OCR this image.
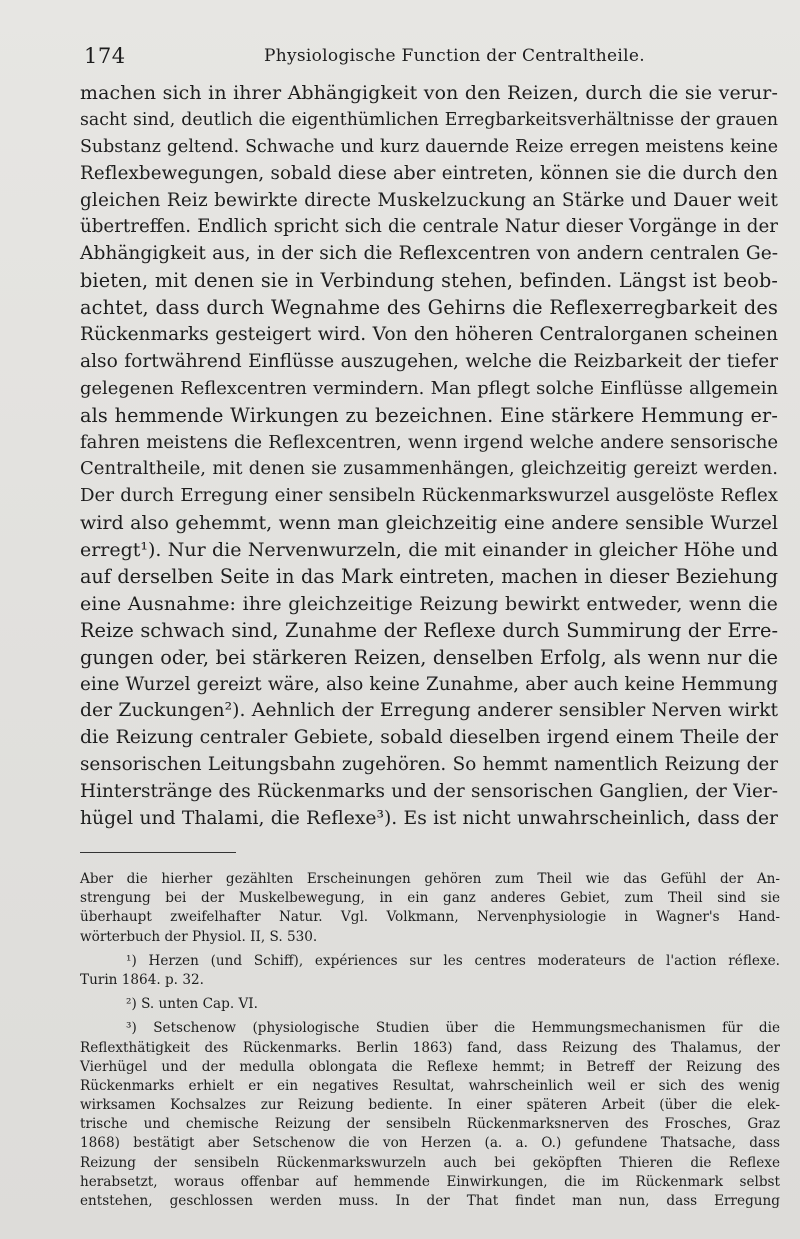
174	Physiologische Function der Centraltheile.
machen sich in ihrer Abhängigkeit von den Reizen, durch die sie verur-
sacht sind, deutlich die eigenthümlichen Erregbarkeitsverhältnisse der grauen
Substanz geltend. Schwache und kurz dauernde Reize erregen meistens keine
Reflexbewegungen, sobald diese aber eintreten, können sie die durch den
gleichen Reiz bewirkte directe Muskelzuckung an Stärke und Dauer weit
übertreffen. Endlich spricht sich die centrale Natur dieser Vorgänge in der
Abhängigkeit aus, in der sich die Reflexcentren von andern centralen Ge-
bieten, mit denen sie in Verbindung stehen, befinden. Längst ist beob-
achtet, dass durch Wegnahme des Gehirns die Reflexerregbarkeit des
Rückenmarks gesteigert wird. Von den höheren Centralorganen scheinen
also fortwährend Einflüsse auszugehen, welche die Reizbarkeit der tiefer
gelegenen Reflexcentren vermindern. Man pflegt solche Einflüsse allgemein
als hemmende Wirkungen zu bezeichnen. Eine stärkere Hemmung er-
fahren meistens die Reflexcentren, wenn irgend welche andere sensorische
Centraltheile, mit denen sie zusammenhängen, gleichzeitig gereizt werden.
Der durch Erregung einer sensibeln Rückenmarkswurzel ausgelöste Reflex
wird also gehemmt, wenn man gleichzeitig eine andere sensible Wurzel
erregt¹). Nur die Nervenwurzeln, die mit einander in gleicher Höhe und
auf derselben Seite in das Mark eintreten, machen in dieser Beziehung
eine Ausnahme: ihre gleichzeitige Reizung bewirkt entweder, wenn die
Reize schwach sind, Zunahme der Reflexe durch Summirung der Erre-
gungen oder, bei stärkeren Reizen, denselben Erfolg, als wenn nur die
eine Wurzel gereizt wäre, also keine Zunahme, aber auch keine Hemmung
der Zuckungen²). Aehnlich der Erregung anderer sensibler Nerven wirkt
die Reizung centraler Gebiete, sobald dieselben irgend einem Theile der
sensorischen Leitungsbahn zugehören. So hemmt namentlich Reizung der
Hinterstränge des Rückenmarks und der sensorischen Ganglien, der Vier-
hügel und Thalami, die Reflexe³). Es ist nicht unwahrscheinlich, dass der
Aber die hierher gezählten Erscheinungen gehören zum Theil wie das Gefühl der An-
strengung bei der Muskelbewegung, in ein ganz anderes Gebiet, zum Theil sind sie
überhaupt zweifelhafter Natur. Vgl. Volkmann, Nervenphysiologie in Wagner's Hand-
wörterbuch der Physiol. II, S. 530.
¹) Herzen (und Schiff), expériences sur les centres moderateurs de l'action réflexe.
Turin 1864. p. 32.
²) S. unten Cap. VI.
³) Setschenow (physiologische Studien über die Hemmungsmechanismen für die
Reflexthätigkeit des Rückenmarks. Berlin 1863) fand, dass Reizung des Thalamus, der
Vierhügel und der medulla oblongata die Reflexe hemmt; in Betreff der Reizung des
Rückenmarks erhielt er ein negatives Resultat, wahrscheinlich weil er sich des wenig
wirksamen Kochsalzes zur Reizung bediente. In einer späteren Arbeit (über die elek-
trische und chemische Reizung der sensibeln Rückenmarksnerven des Frosches, Graz
1868) bestätigt aber Setschenow die von Herzen (a. a. O.) gefundene Thatsache, dass
Reizung der sensibeln Rückenmarkswurzeln auch bei geköpften Thieren die Reflexe
herabsetzt, woraus offenbar auf hemmende Einwirkungen, die im Rückenmark selbst
entstehen, geschlossen werden muss. In der That findet man nun, dass Erregung
